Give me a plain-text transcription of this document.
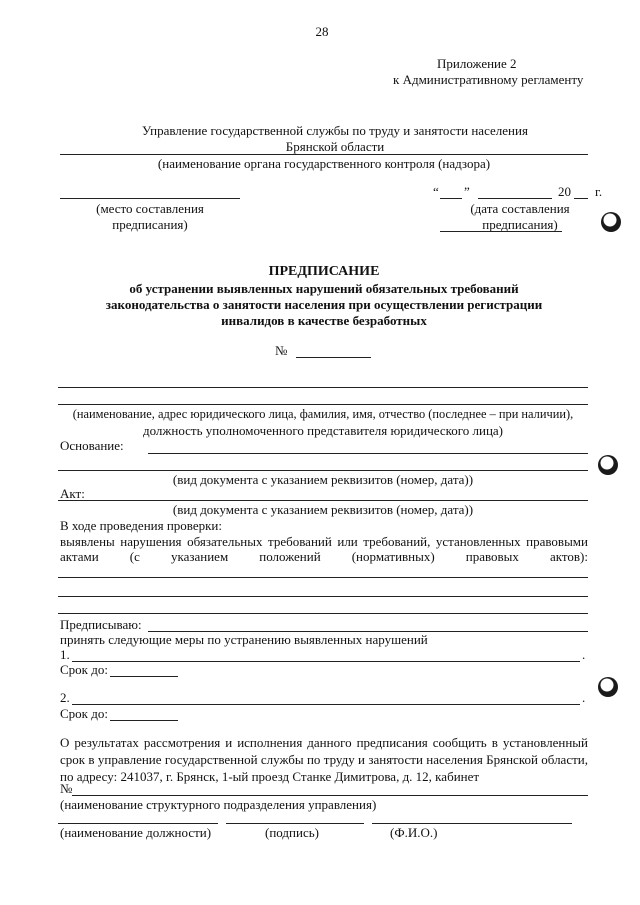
28
Приложение 2
к Административному регламенту
Управление государственной службы по труду и занятости населения
Брянской области
(наименование органа государственного контроля (надзора)
(место составления
предписания)
“ ”	20 г.
(дата составления
предписания)
ПРЕДПИСАНИЕ
об устранении выявленных нарушений обязательных требований
законодательства о занятости населения при осуществлении регистрации
инвалидов в качестве безработных
№
(наименование, адрес юридического лица, фамилия, имя, отчество (последнее – при наличии),
должность уполномоченного представителя юридического лица)
Основание:
(вид документа с указанием реквизитов (номер, дата))
Акт:
(вид документа с указанием реквизитов (номер, дата))
В ходе проведения проверки:
выявлены нарушения обязательных требований или требований, установленных правовыми
актами (с указанием положений (нормативных) правовых актов):
Предписываю:
принять следующие меры по устранению выявленных нарушений
1.	.
Срок до:
2.	.
Срок до:
О результатах рассмотрения и исполнения данного предписания сообщить в установленный срок в управление государственной службы по труду и занятости населения Брянской области, по адресу: 241037, г. Брянск, 1-ый проезд Станке Димитрова, д. 12, кабинет
№
(наименование структурного подразделения управления)
(наименование должности)	(подпись)	(Ф.И.О.)
